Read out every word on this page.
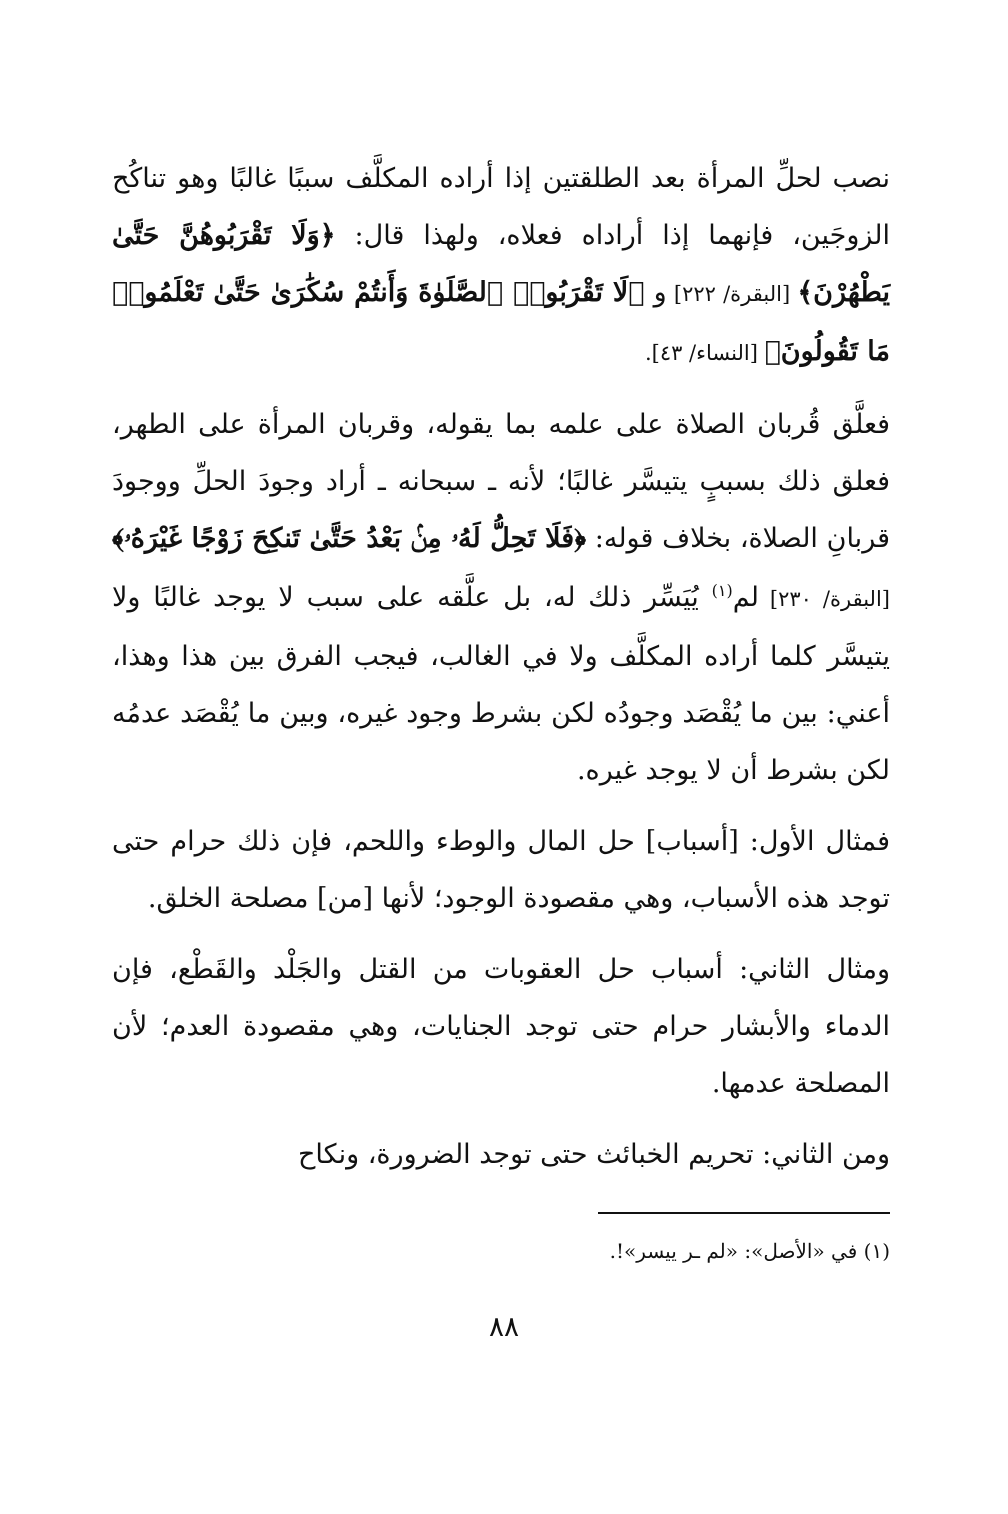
نصب لحلِّ المرأة بعد الطلقتين إذا أراده المكلَّف سببًا غالبًا وهو تناكُح الزوجَين، فإنهما إذا أراداه فعلاه، ولهذا قال: ﴿وَلَا تَقْرَبُوهُنَّ حَتَّىٰ يَطْهُرْنَ﴾ [البقرة/ ٢٢٢] و ﴿لَا تَقْرَبُوا۟ ٱلصَّلَوٰةَ وَأَنتُمْ سُكَٰرَىٰ حَتَّىٰ تَعْلَمُوا۟ مَا تَقُولُونَ﴾ [النساء/ ٤٣].

فعلَّق قُربان الصلاة على علمه بما يقوله، وقربان المرأة على الطهر، فعلق ذلك بسببٍ يتيسَّر غالبًا؛ لأنه ـ سبحانه ـ أراد وجودَ الحلِّ ووجودَ قربانِ الصلاة، بخلاف قوله: ﴿فَلَا تَحِلُّ لَهُۥ مِنۢ بَعْدُ حَتَّىٰ تَنكِحَ زَوْجًا غَيْرَهُۥ﴾ [البقرة/ ٢٣٠] لم$^{(١)}$ يُيَسِّر ذلك له، بل علَّقه على سبب لا يوجد غالبًا ولا يتيسَّر كلما أراده المكلَّف ولا في الغالب، فيجب الفرق بين هذا وهذا، أعني: بين ما يُقْصَد وجودُه لكن بشرط وجود غيره، وبين ما يُقْصَد عدمُه لكن بشرط أن لا يوجد غيره.

فمثال الأول: [أسباب] حل المال والوطء واللحم، فإن ذلك حرام حتى توجد هذه الأسباب، وهي مقصودة الوجود؛ لأنها [من] مصلحة الخلق.

ومثال الثاني: أسباب حل العقوبات من القتل والجَلْد والقَطْع، فإن الدماء والأبشار حرام حتى توجد الجنايات، وهي مقصودة العدم؛ لأن المصلحة عدمها.

ومن الثاني: تحريم الخبائث حتى توجد الضرورة، ونكاح

(١) في «الأصل»: «لم ـر ييسر»!.
٨٨
